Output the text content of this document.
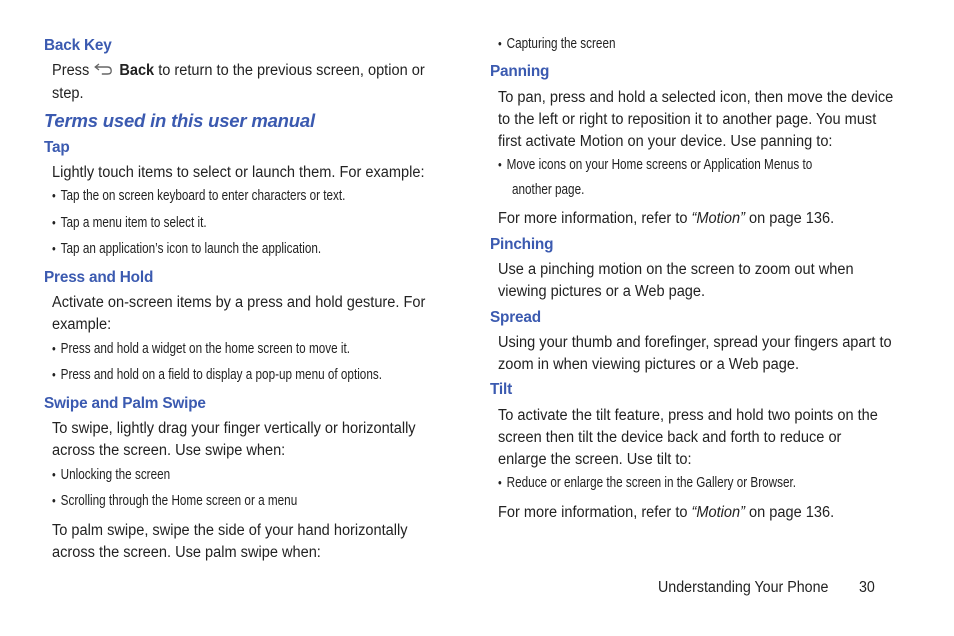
Back Key
Press Back to return to the previous screen, option or
step.
Terms used in this user manual
Tap
Lightly touch items to select or launch them. For example:
• Tap the on screen keyboard to enter characters or text.
• Tap a menu item to select it.
• Tap an application’s icon to launch the application.
Press and Hold
Activate on-screen items by a press and hold gesture. For
example:
• Press and hold a widget on the home screen to move it.
• Press and hold on a field to display a pop-up menu of options.
Swipe and Palm Swipe
To swipe, lightly drag your finger vertically or horizontally
across the screen. Use swipe when:
• Unlocking the screen
• Scrolling through the Home screen or a menu
To palm swipe, swipe the side of your hand horizontally
across the screen. Use palm swipe when:
• Capturing the screen
Panning
To pan, press and hold a selected icon, then move the device
to the left or right to reposition it to another page. You must
first activate Motion on your device. Use panning to:
• Move icons on your Home screens or Application Menus to
another page.
For more information, refer to “Motion” on page 136.
Pinching
Use a pinching motion on the screen to zoom out when
viewing pictures or a Web page.
Spread
Using your thumb and forefinger, spread your fingers apart to
zoom in when viewing pictures or a Web page.
Tilt
To activate the tilt feature, press and hold two points on the
screen then tilt the device back and forth to reduce or
enlarge the screen. Use tilt to:
• Reduce or enlarge the screen in the Gallery or Browser.
For more information, refer to “Motion” on page 136.
Understanding Your Phone 30
